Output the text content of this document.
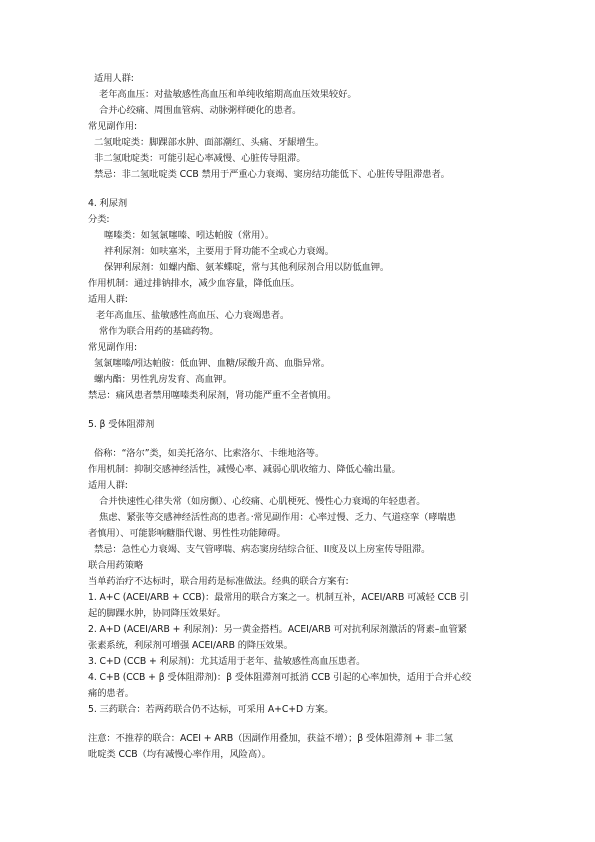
适用人群:
老年高血压：对盐敏感性高血压和单纯收缩期高血压效果较好。
合并心绞痛、周围血管病、动脉粥样硬化的患者。
常见副作用:
二氢吡啶类：脚踝部水肿、面部潮红、头痛、牙龈增生。
非二氢吡啶类：可能引起心率减慢、心脏传导阻滞。
禁忌：非二氢吡啶类 CCB 禁用于严重心力衰竭、窦房结功能低下、心脏传导阻滞患者。
4. 利尿剂
分类:
噻嗪类：如氢氯噻嗪、吲达帕胺（常用）。
袢利尿剂：如呋塞米，主要用于肾功能不全或心力衰竭。
保钾利尿剂：如螺内酯、氨苯蝶啶，常与其他利尿剂合用以防低血钾。
作用机制：通过排钠排水，减少血容量，降低血压。
适用人群:
老年高血压、盐敏感性高血压、心力衰竭患者。
常作为联合用药的基础药物。
常见副作用:
氢氯噻嗪/吲达帕胺：低血钾、血糖/尿酸升高、血脂异常。
螺内酯：男性乳房发育、高血钾。
禁忌：痛风患者禁用噻嗪类利尿剂，肾功能严重不全者慎用。
5. β 受体阻滞剂
俗称：“洛尔”类，如美托洛尔、比索洛尔、卡维地洛等。
作用机制：抑制交感神经活性，减慢心率、减弱心肌收缩力、降低心输出量。
适用人群:
合并快速性心律失常（如房颤）、心绞痛、心肌梗死、慢性心力衰竭的年轻患者。
焦虑、紧张等交感神经活性高的患者。·常见副作用：心率过慢、乏力、气道痉挛（哮喘患
者慎用）、可能影响糖脂代谢、男性性功能障碍。
禁忌：急性心力衰竭、支气管哮喘、病态窦房结综合征、II度及以上房室传导阻滞。
联合用药策略
当单药治疗不达标时，联合用药是标准做法。经典的联合方案有:
1. A+C (ACEI/ARB + CCB)：最常用的联合方案之一。机制互补，ACEI/ARB 可减轻 CCB 引
起的脚踝水肿，协同降压效果好。
2. A+D (ACEI/ARB + 利尿剂)：另一黄金搭档。ACEI/ARB 可对抗利尿剂激活的肾素–血管紧
张素系统，利尿剂可增强 ACEI/ARB 的降压效果。
3. C+D (CCB + 利尿剂)：尤其适用于老年、盐敏感性高血压患者。
4. C+B (CCB + β 受体阻滞剂)：β 受体阻滞剂可抵消 CCB 引起的心率加快，适用于合并心绞
痛的患者。
5. 三药联合：若两药联合仍不达标，可采用 A+C+D 方案。
注意：不推荐的联合：ACEI + ARB（因副作用叠加，获益不增）；β 受体阻滞剂 + 非二氢
吡啶类 CCB（均有减慢心率作用，风险高）。
